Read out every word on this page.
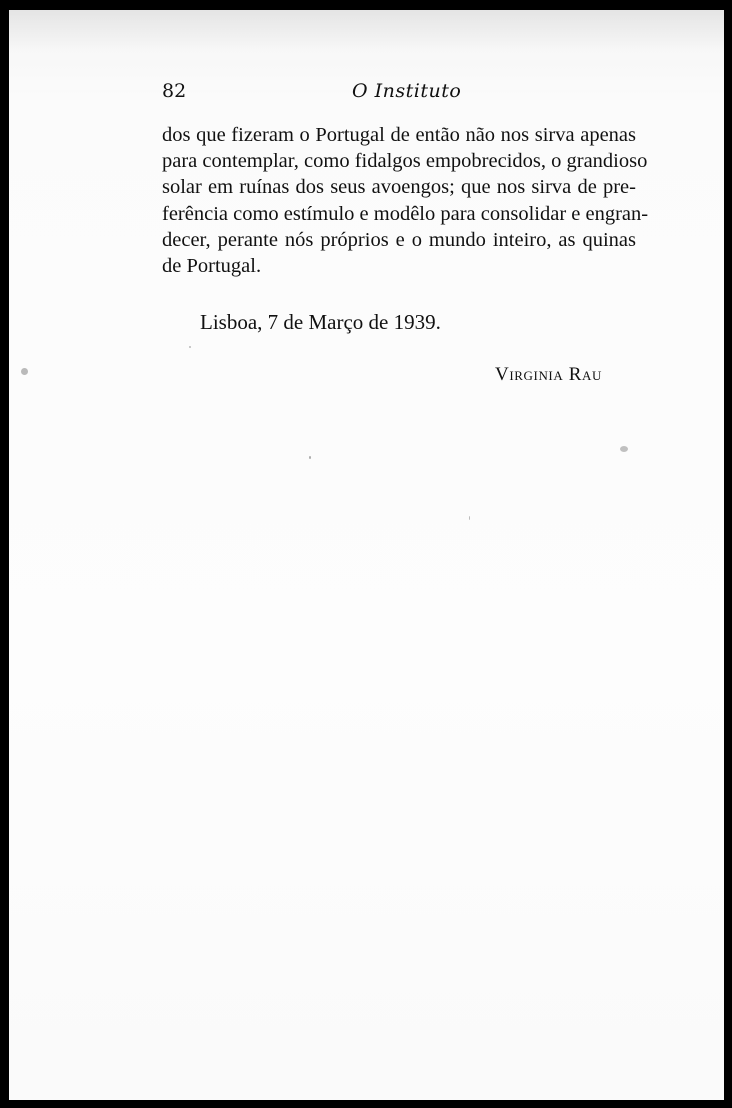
82	O Instituto
dos que fizeram o Portugal de então não nos sirva apenas
para contemplar, como fidalgos empobrecidos, o grandioso
solar em ruínas dos seus avoengos; que nos sirva de pre-
ferência como estímulo e modêlo para consolidar e engran-
decer, perante nós próprios e o mundo inteiro, as quinas
de Portugal.
Lisboa, 7 de Março de 1939.
Virginia Rau
